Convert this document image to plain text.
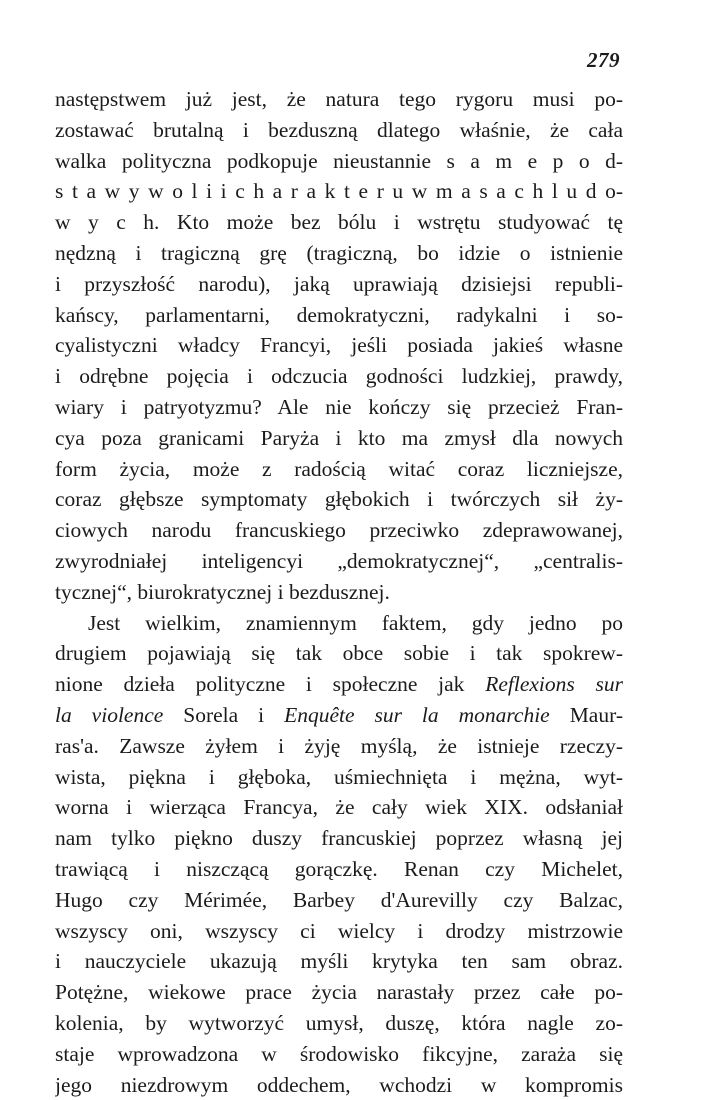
279
następstwem już jest, że natura tego rygoru musi po-
zostawać brutalną i bezduszną dlatego właśnie, że cała
walka polityczna podkopuje nieustannie s a m e p o d-
s t a w y w o l i i c h a r a k t e r u w m a s a c h l u d o-
w y c h. Kto może bez bólu i wstrętu studyować tę
nędzną i tragiczną grę (tragiczną, bo idzie o istnienie
i przyszłość narodu), jaką uprawiają dzisiejsi republi-
kańscy, parlamentarni, demokratyczni, radykalni i so-
cyalistyczni władcy Francyi, jeśli posiada jakieś własne
i odrębne pojęcia i odczucia godności ludzkiej, prawdy,
wiary i patryotyzmu? Ale nie kończy się przecież Fran-
cya poza granicami Paryża i kto ma zmysł dla nowych
form życia, może z radością witać coraz liczniejsze,
coraz głębsze symptomaty głębokich i twórczych sił ży-
ciowych narodu francuskiego przeciwko zdeprawowanej,
zwyrodniałej inteligencyi „demokratycznej“, „centralis-
tycznej“, biurokratycznej i bezdusznej.
Jest wielkim, znamiennym faktem, gdy jedno po
drugiem pojawiają się tak obce sobie i tak spokrew-
nione dzieła polityczne i społeczne jak Reflexions sur
la violence Sorela i Enquête sur la monarchie Maur-
ras'a. Zawsze żyłem i żyję myślą, że istnieje rzeczy-
wista, piękna i głęboka, uśmiechnięta i mężna, wyt-
worna i wierząca Francya, że cały wiek XIX. odsłaniał
nam tylko piękno duszy francuskiej poprzez własną jej
trawiącą i niszczącą gorączkę. Renan czy Michelet,
Hugo czy Mérimée, Barbey d'Aurevilly czy Balzac,
wszyscy oni, wszyscy ci wielcy i drodzy mistrzowie
i nauczyciele ukazują myśli krytyka ten sam obraz.
Potężne, wiekowe prace życia narastały przez całe po-
kolenia, by wytworzyć umysł, duszę, która nagle zo-
staje wprowadzona w środowisko fikcyjne, zaraża się
jego niezdrowym oddechem, wchodzi w kompromis
